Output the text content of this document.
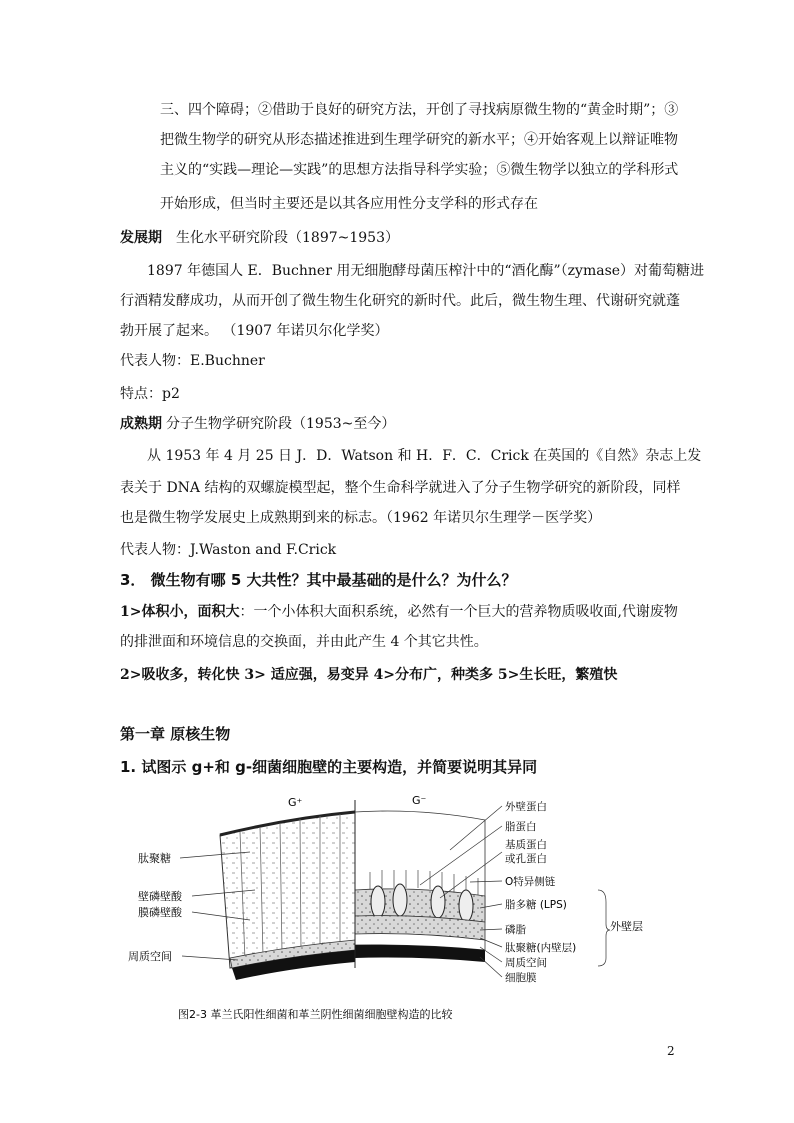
三、四个障碍；②借助于良好的研究方法，开创了寻找病原微生物的“黄金时期”；③
把微生物学的研究从形态描述推进到生理学研究的新水平；④开始客观上以辩证唯物
主义的“实践—理论—实践”的思想方法指导科学实验；⑤微生物学以独立的学科形式
开始形成，但当时主要还是以其各应用性分支学科的形式存在
发展期 生化水平研究阶段（1897~1953）
1897 年德国人 E．Buchner 用无细胞酵母菌压榨汁中的“酒化酶”（zymase）对葡萄糖进
行酒精发酵成功，从而开创了微生物生化研究的新时代。此后，微生物生理、代谢研究就蓬
勃开展了起来。 （1907 年诺贝尔化学奖）
代表人物：E.Buchner
特点：p2
成熟期 分子生物学研究阶段（1953~至今）
从 1953 年 4 月 25 日 J．D．Watson 和 H．F．C．Crick 在英国的《自然》杂志上发
表关于 DNA 结构的双螺旋模型起，整个生命科学就进入了分子生物学研究的新阶段，同样
也是微生物学发展史上成熟期到来的标志。（1962 年诺贝尔生理学－医学奖）
代表人物：J.Waston and F.Crick
3． 微生物有哪 5 大共性？其中最基础的是什么？为什么？
1>体积小，面积大：一个小体积大面积系统，必然有一个巨大的营养物质吸收面,代谢废物
的排泄面和环境信息的交换面，并由此产生 4 个其它共性。
2>吸收多，转化快 3> 适应强，易变异 4>分布广，种类多 5>生长旺，繁殖快
第一章 原核生物
1. 试图示 g+和 g-细菌细胞壁的主要构造，并简要说明其异同
G⁺	G⁻
肽聚糖
壁磷壁酸
膜磷壁酸
周质空间
外壁蛋白
脂蛋白
基质蛋白
或孔蛋白
O特异侧链
脂多糖 (LPS)
磷脂
肽聚糖(内壁层)
周质空间
细胞膜
外壁层
图2-3 革兰氏阳性细菌和革兰阴性细菌细胞壁构造的比较
2
